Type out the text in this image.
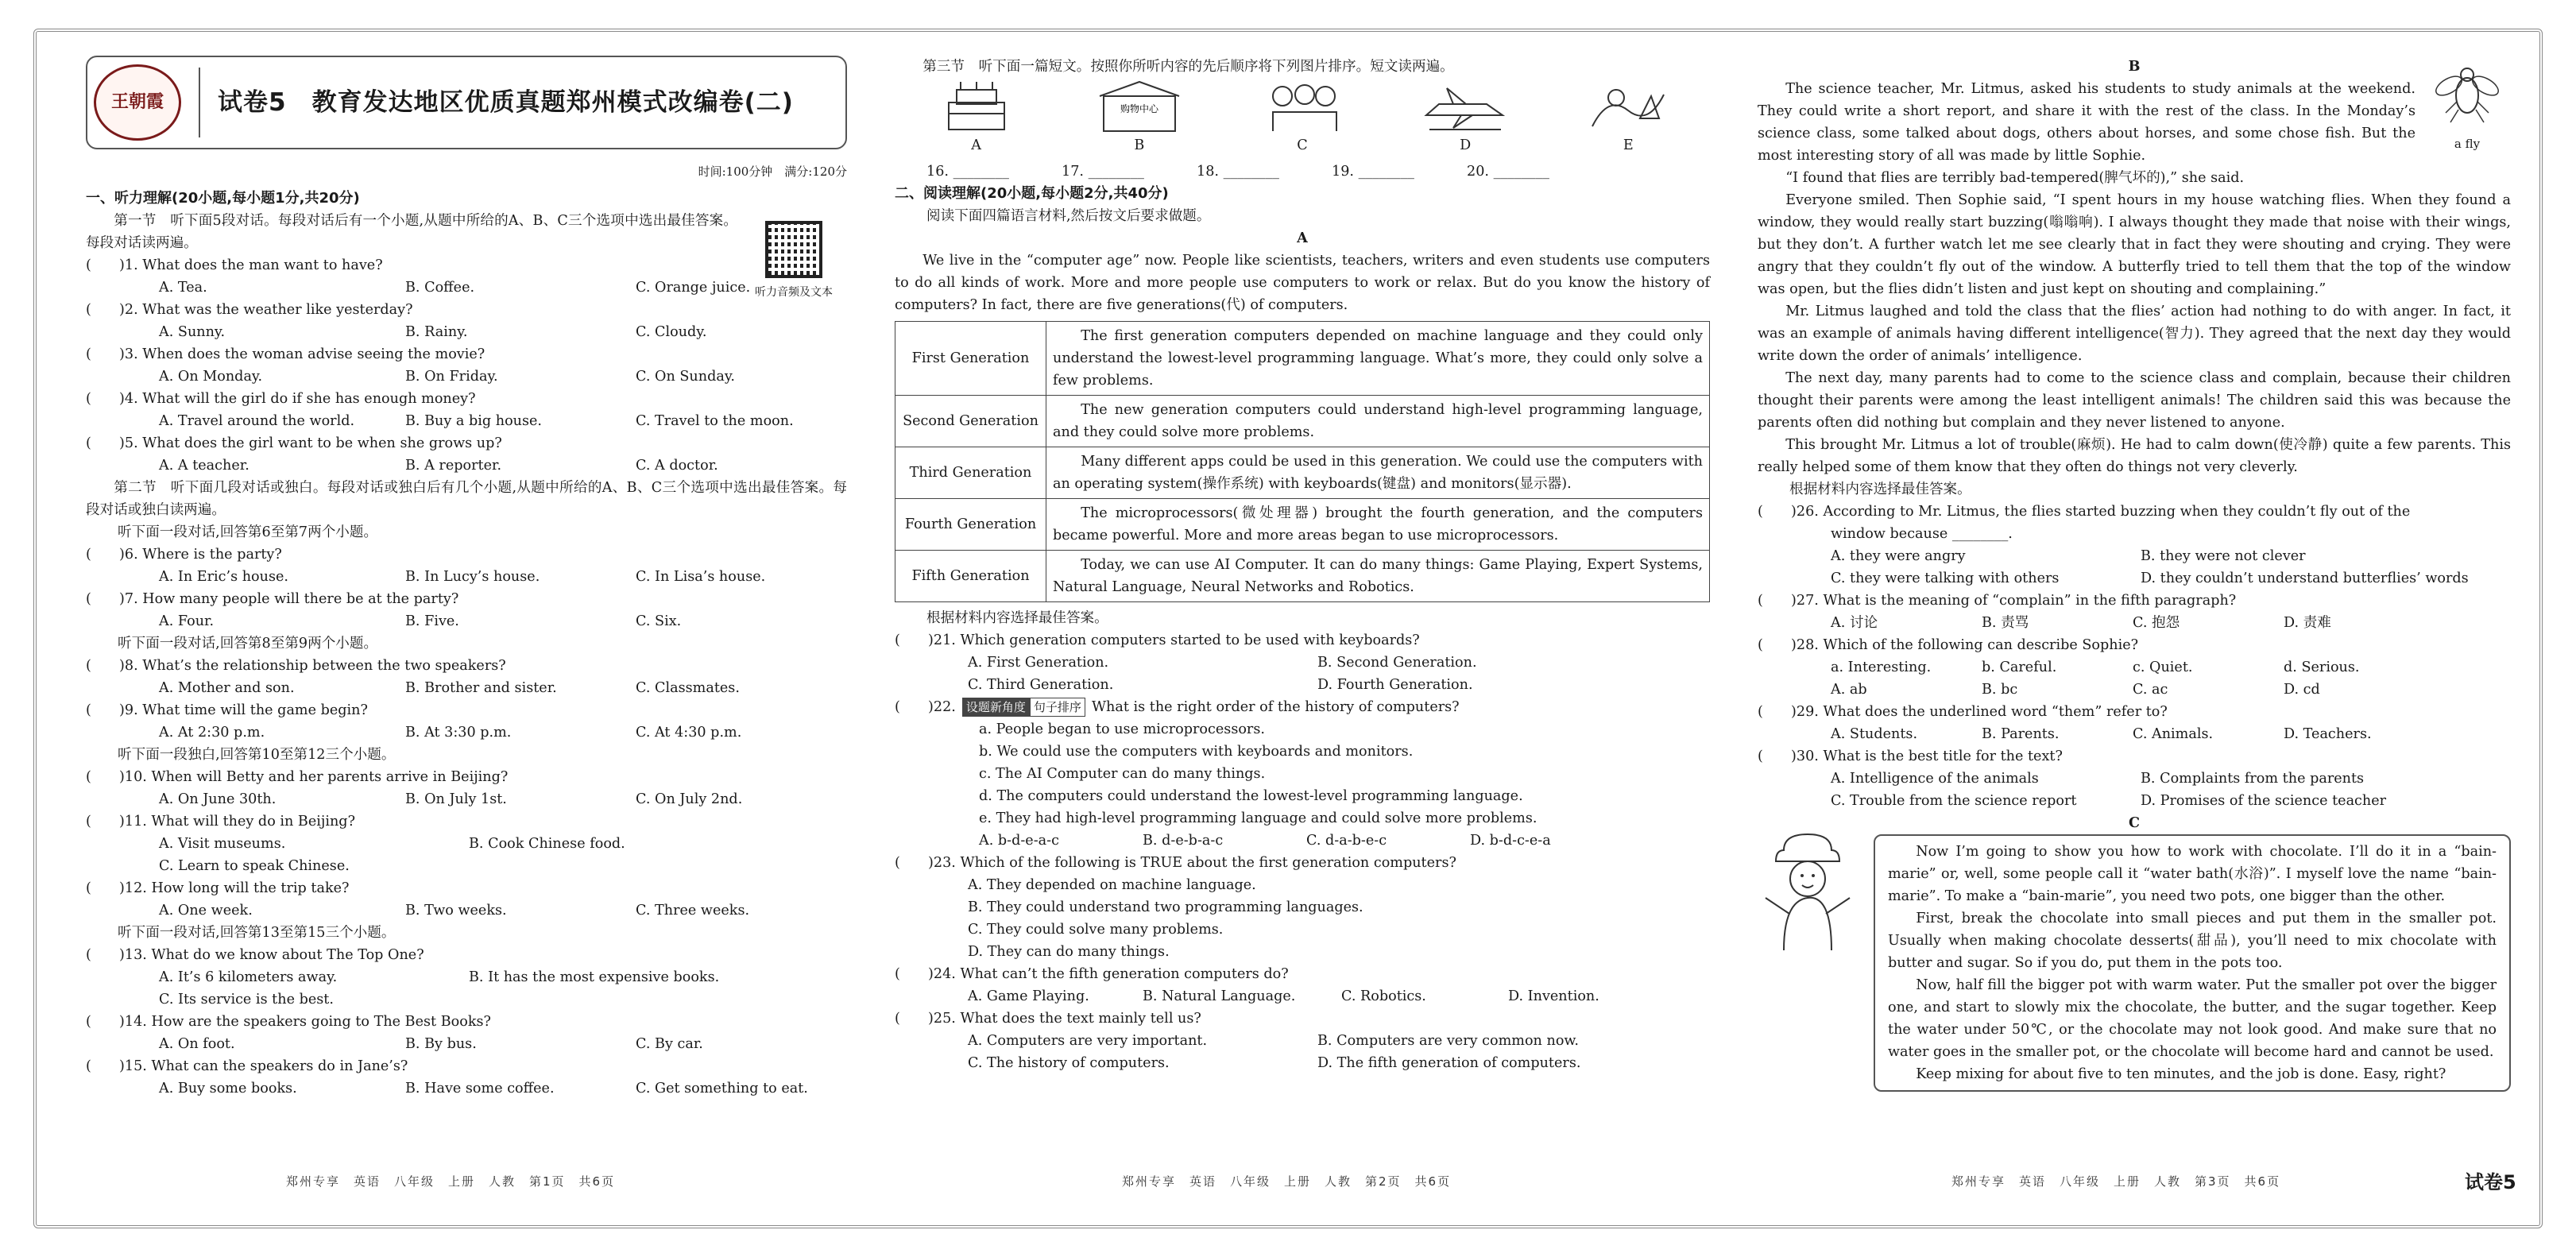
王朝霞	试卷5　教育发达地区优质真题郑州模式改编卷(二)
时间:100分钟　满分:120分
听力音频及文本
一、听力理解(20小题,每小题1分,共20分)
第一节　听下面5段对话。每段对话后有一个小题,从题中所给的A、B、C三个选项中选出最佳答案。每段对话读两遍。
(　　)1. What does the man want to have?
A. Tea.	B. Coffee.	C. Orange juice.
(　　)2. What was the weather like yesterday?
A. Sunny.	B. Rainy.	C. Cloudy.
(　　)3. When does the woman advise seeing the movie?
A. On Monday.	B. On Friday.	C. On Sunday.
(　　)4. What will the girl do if she has enough money?
A. Travel around the world.	B. Buy a big house.	C. Travel to the moon.
(　　)5. What does the girl want to be when she grows up?
A. A teacher.	B. A reporter.	C. A doctor.
第二节　听下面几段对话或独白。每段对话或独白后有几个小题,从题中所给的A、B、C三个选项中选出最佳答案。每段对话或独白读两遍。
听下面一段对话,回答第6至第7两个小题。
(　　)6. Where is the party?
A. In Eric’s house.	B. In Lucy’s house.	C. In Lisa’s house.
(　　)7. How many people will there be at the party?
A. Four.	B. Five.	C. Six.
听下面一段对话,回答第8至第9两个小题。
(　　)8. What’s the relationship between the two speakers?
A. Mother and son.	B. Brother and sister.	C. Classmates.
(　　)9. What time will the game begin?
A. At 2:30 p.m.	B. At 3:30 p.m.	C. At 4:30 p.m.
听下面一段独白,回答第10至第12三个小题。
(　　)10. When will Betty and her parents arrive in Beijing?
A. On June 30th.	B. On July 1st.	C. On July 2nd.
(　　)11. What will they do in Beijing?
A. Visit museums.	B. Cook Chinese food.
C. Learn to speak Chinese.
(　　)12. How long will the trip take?
A. One week.	B. Two weeks.	C. Three weeks.
听下面一段对话,回答第13至第15三个小题。
(　　)13. What do we know about The Top One?
A. It’s 6 kilometers away.	B. It has the most expensive books.
C. Its service is the best.
(　　)14. How are the speakers going to The Best Books?
A. On foot.	B. By bus.	C. By car.
(　　)15. What can the speakers do in Jane’s?
A. Buy some books.	B. Have some coffee.	C. Get something to eat.
第三节　听下面一篇短文。按照你所听内容的先后顺序将下列图片排序。短文读两遍。
A
购物中心
B	C	D	E
16. ________	17. ________	18. ________	19. ________	20. ________
二、阅读理解(20小题,每小题2分,共40分)
阅读下面四篇语言材料,然后按文后要求做题。
A
We live in the “computer age” now. People like scientists, teachers, writers and even students use computers to do all kinds of work. More and more people use computers to work or relax. But do you know the history of computers? In fact, there are five generations(代) of computers.
First Generation	The first generation computers depended on machine language and they could only understand the lowest-level programming language. What’s more, they could only solve a few problems.
Second Generation	The new generation computers could understand high-level programming language, and they could solve more problems.
Third Generation	Many different apps could be used in this generation. We could use the computers with an operating system(操作系统) with keyboards(键盘) and monitors(显示器).
Fourth Generation	The microprocessors(微处理器) brought the fourth generation, and the computers became powerful. More and more areas began to use microprocessors.
Fifth Generation	Today, we can use AI Computer. It can do many things: Game Playing, Expert Systems, Natural Language, Neural Networks and Robotics.
根据材料内容选择最佳答案。
(　　)21. Which generation computers started to be used with keyboards?
A. First Generation.	B. Second Generation.
C. Third Generation.	D. Fourth Generation.
(　　)22. 设题新角度 句子排序 What is the right order of the history of computers?
a. People began to use microprocessors.
b. We could use the computers with keyboards and monitors.
c. The AI Computer can do many things.
d. The computers could understand the lowest-level programming language.
e. They had high-level programming language and could solve more problems.
A. b-d-e-a-c	B. d-e-b-a-c	C. d-a-b-e-c	D. b-d-c-e-a
(　　)23. Which of the following is TRUE about the first generation computers?
A. They depended on machine language.
B. They could understand two programming languages.
C. They could solve many problems.
D. They can do many things.
(　　)24. What can’t the fifth generation computers do?
A. Game Playing.	B. Natural Language.	C. Robotics.	D. Invention.
(　　)25. What does the text mainly tell us?
A. Computers are very important.	B. Computers are very common now.
C. The history of computers.	D. The fifth generation of computers.
B
a fly
The science teacher, Mr. Litmus, asked his students to study animals at the weekend. They could write a short report, and share it with the rest of the class. In the Monday’s science class, some talked about dogs, others about horses, and some chose fish. But the most interesting story of all was made by little Sophie.
“I found that flies are terribly bad-tempered(脾气坏的),” she said.
Everyone smiled. Then Sophie said, “I spent hours in my house watching flies. When they found a window, they would really start buzzing(嗡嗡响). I always thought they made that noise with their wings, but they don’t. A further watch let me see clearly that in fact they were shouting and crying. They were angry that they couldn’t fly out of the window. A butterfly tried to tell them that the top of the window was open, but the flies didn’t listen and just kept on shouting and complaining.”
Mr. Litmus laughed and told the class that the flies’ action had nothing to do with anger. In fact, it was an example of animals having different intelligence(智力). They agreed that the next day they would write down the order of animals’ intelligence.
The next day, many parents had to come to the science class and complain, because their children thought their parents were among the least intelligent animals! The children said this was because the parents often did nothing but complain and they never listened to anyone.
This brought Mr. Litmus a lot of trouble(麻烦). He had to calm down(使冷静) quite a few parents. This really helped some of them know that they often do things not very cleverly.
根据材料内容选择最佳答案。
(　　)26. According to Mr. Litmus, the flies started buzzing when they couldn’t fly out of the
window because ________.
A. they were angry	B. they were not clever
C. they were talking with others	D. they couldn’t understand butterflies’ words
(　　)27. What is the meaning of “complain” in the fifth paragraph?
A. 讨论	B. 责骂	C. 抱怨	D. 责难
(　　)28. Which of the following can describe Sophie?
a. Interesting.	b. Careful.	c. Quiet.	d. Serious.
A. ab	B. bc	C. ac	D. cd
(　　)29. What does the underlined word “them” refer to?
A. Students.	B. Parents.	C. Animals.	D. Teachers.
(　　)30. What is the best title for the text?
A. Intelligence of the animals	B. Complaints from the parents
C. Trouble from the science report	D. Promises of the science teacher
C
Now I’m going to show you how to work with chocolate. I’ll do it in a “bain-marie” or, well, some people call it “water bath(水浴)”. I myself love the name “bain-marie”. To make a “bain-marie”, you need two pots, one bigger than the other.
First, break the chocolate into small pieces and put them in the smaller pot. Usually when making chocolate desserts(甜品), you’ll need to mix chocolate with butter and sugar. So if you do, put them in the pots too.
Now, half fill the bigger pot with warm water. Put the smaller pot over the bigger one, and start to slowly mix the chocolate, the butter, and the sugar together. Keep the water under 50℃, or the chocolate may not look good. And make sure that no water goes in the smaller pot, or the chocolate will become hard and cannot be used.
Keep mixing for about five to ten minutes, and the job is done. Easy, right?
郑州专享　英语　八年级　上册　人教　第1页　共6页	郑州专享　英语　八年级　上册　人教　第2页　共6页	郑州专享　英语　八年级　上册　人教　第3页　共6页	试卷5
